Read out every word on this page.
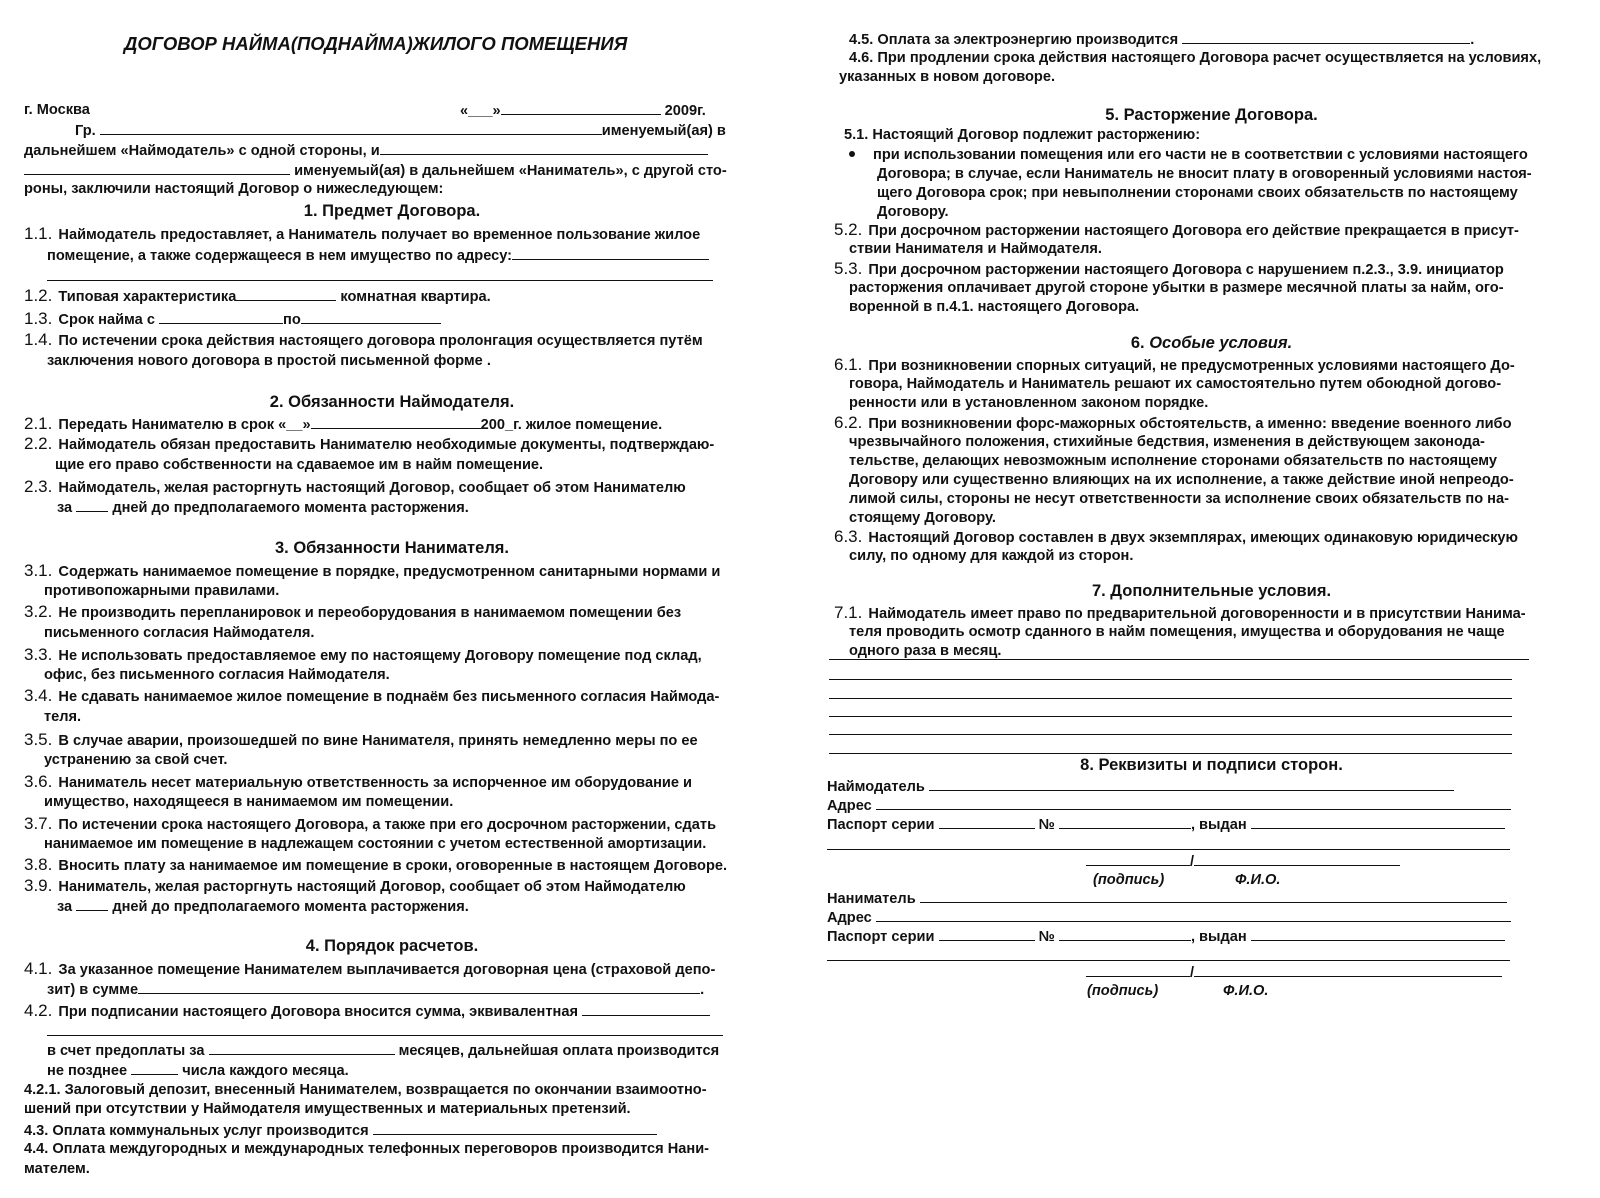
ДОГОВОР НАЙМА(ПОДНАЙМА)ЖИЛОГО ПОМЕЩЕНИЯ
г. Москва	«___»	2009г.
Гр.	именуемый(ая) в
дальнейшем «Наймодатель» с одной стороны, и
именуемый(ая) в дальнейшем «Наниматель», с другой сто-
роны, заключили настоящий Договор о нижеследующем:
1. Предмет Договора.
1.1. Наймодатель предоставляет, а Наниматель получает во временное пользование жилое
помещение, а также содержащееся в нем имущество по адресу:
1.2. Типовая характеристика	комнатная квартира.
1.3. Срок найма с	по
1.4. По истечении срока действия настоящего договора пролонгация осуществляется путём
заключения нового договора в простой письменной форме .
2. Обязанности Наймодателя.
2.1. Передать Нанимателю в срок «__»	200_г. жилое помещение.
2.2. Наймодатель обязан предоставить Нанимателю необходимые документы, подтверждаю-
щие его право собственности на сдаваемое им в найм помещение.
2.3. Наймодатель, желая расторгнуть настоящий Договор, сообщает об этом Нанимателю
за	дней до предполагаемого момента расторжения.
3. Обязанности Нанимателя.
3.1. Содержать нанимаемое помещение в порядке, предусмотренном санитарными нормами и
противопожарными правилами.
3.2. Не производить перепланировок и переоборудования в нанимаемом помещении без
письменного согласия Наймодателя.
3.3. Не использовать предоставляемое ему по настоящему Договору помещение под склад,
офис, без письменного согласия Наймодателя.
3.4. Не сдавать нанимаемое жилое помещение в поднаём без письменного согласия Наймода-
теля.
3.5. В случае аварии, произошедшей по вине Нанимателя, принять немедленно меры по ее
устранению за свой счет.
3.6. Наниматель несет материальную ответственность за испорченное им оборудование и
имущество, находящееся в нанимаемом им помещении.
3.7. По истечении срока настоящего Договора, а также при его досрочном расторжении, сдать
нанимаемое им помещение в надлежащем состоянии с учетом естественной амортизации.
3.8. Вносить плату за нанимаемое им помещение в сроки, оговоренные в настоящем Договоре.
3.9. Наниматель, желая расторгнуть настоящий Договор, сообщает об этом Наймодателю
за	дней до предполагаемого момента расторжения.
4. Порядок расчетов.
4.1. За указанное помещение Нанимателем выплачивается договорная цена (страховой депо-
зит) в сумме	.
4.2. При подписании настоящего Договора вносится сумма, эквивалентная
в счет предоплаты за	месяцев, дальнейшая оплата производится
не позднее	числа каждого месяца.
4.2.1. Залоговый депозит, внесенный Нанимателем, возвращается по окончании взаимоотно-
шений при отсутствии у Наймодателя имущественных и материальных претензий.
4.3. Оплата коммунальных услуг производится
4.4. Оплата междугородных и международных телефонных переговоров производится Нани-
мателем.
4.5. Оплата за электроэнергию производится	.
4.6. При продлении срока действия настоящего Договора расчет осуществляется на условиях,
указанных в новом договоре.
5. Расторжение Договора.
5.1. Настоящий Договор подлежит расторжению:
при использовании помещения или его части не в соответствии с условиями настоящего
Договора; в случае, если Наниматель не вносит плату в оговоренный условиями настоя-
щего Договора срок; при невыполнении сторонами своих обязательств по настоящему
Договору.
5.2. При досрочном расторжении настоящего Договора его действие прекращается в присут-
ствии Нанимателя и Наймодателя.
5.3. При досрочном расторжении настоящего Договора с нарушением п.2.3., 3.9. инициатор
расторжения оплачивает другой стороне убытки в размере месячной платы за найм, ого-
воренной в п.4.1. настоящего Договора.
6. Особые условия.
6.1. При возникновении спорных ситуаций, не предусмотренных условиями настоящего До-
говора, Наймодатель и Наниматель решают их самостоятельно путем обоюдной догово-
ренности или в установленном законом порядке.
6.2. При возникновении форс-мажорных обстоятельств, а именно: введение военного либо
чрезвычайного положения, стихийные бедствия, изменения в действующем законода-
тельстве, делающих невозможным исполнение сторонами обязательств по настоящему
Договору или существенно влияющих на их исполнение, а также действие иной непреодо-
лимой силы, стороны не несут ответственности за исполнение своих обязательств по на-
стоящему Договору.
6.3. Настоящий Договор составлен в двух экземплярах, имеющих одинаковую юридическую
силу, по одному для каждой из сторон.
7. Дополнительные условия.
7.1. Наймодатель имеет право по предварительной договоренности и в присутствии Нанима-
теля проводить осмотр сданного в найм помещения, имущества и оборудования не чаще
одного раза в месяц.
8. Реквизиты и подписи сторон.
Наймодатель
Адрес
Паспорт серии	№	, выдан
/
(подпись)	Ф.И.О.
Наниматель
Адрес
Паспорт серии	№	, выдан
/
(подпись)	Ф.И.О.
